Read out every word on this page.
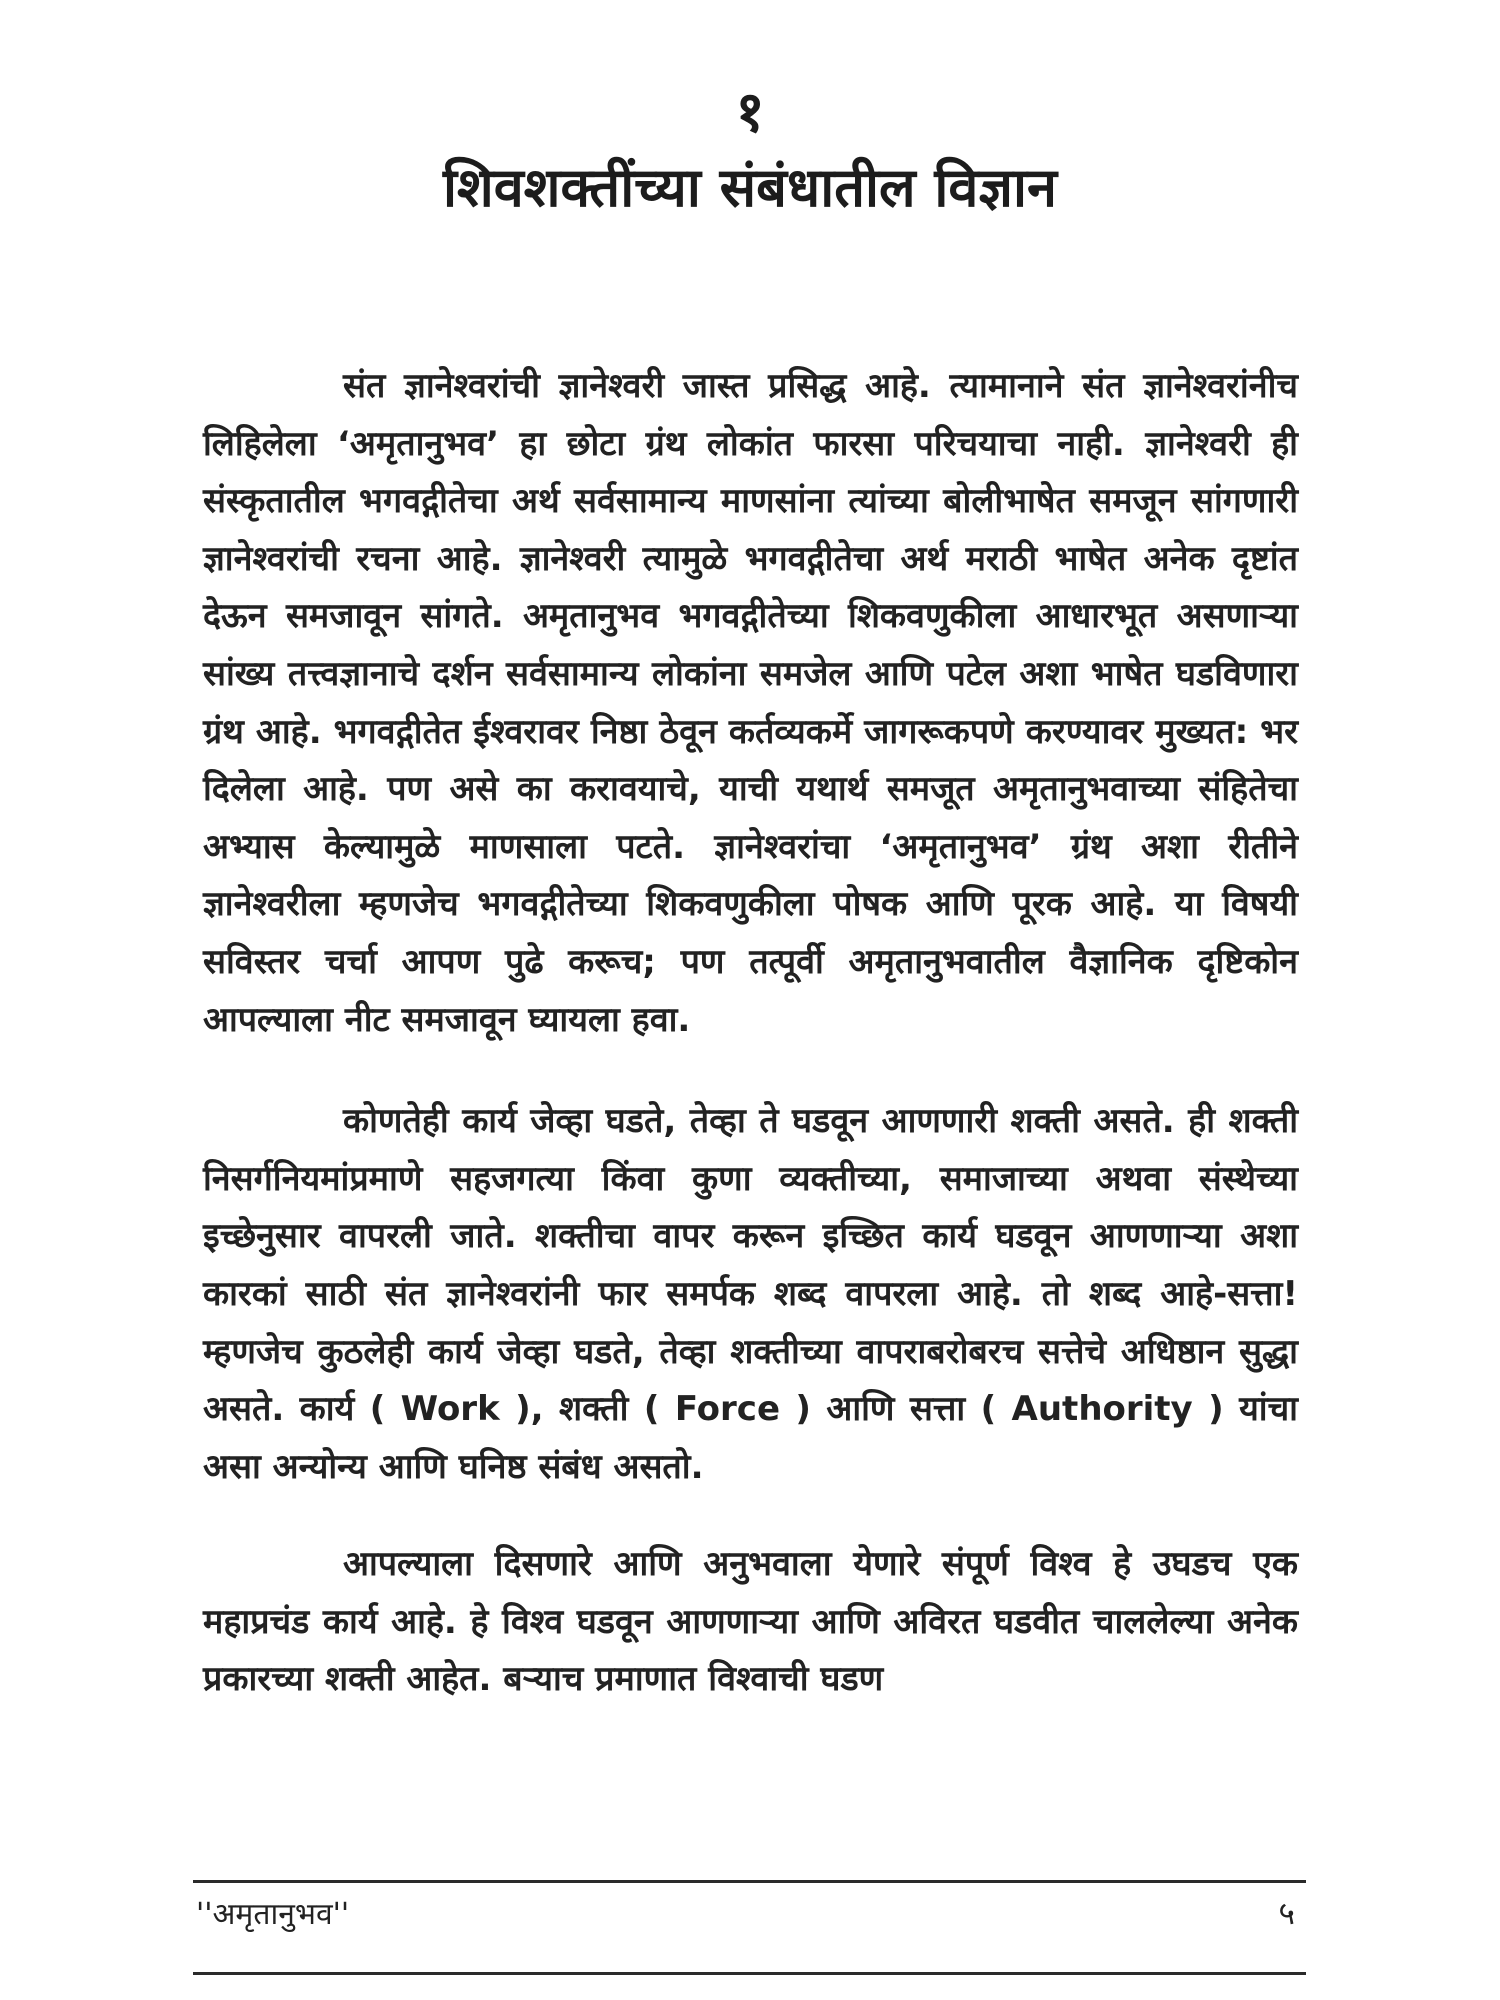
१
शिवशक्तींच्या संबंधातील विज्ञान

संत ज्ञानेश्वरांची ज्ञानेश्वरी जास्त प्रसिद्ध आहे. त्यामानाने संत ज्ञानेश्वरांनीच लिहिलेला ‘अमृतानुभव’ हा छोटा ग्रंथ लोकांत फारसा परिचयाचा नाही. ज्ञानेश्वरी ही संस्कृतातील भगवद्गीतेचा अर्थ सर्वसामान्य माणसांना त्यांच्या बोलीभाषेत समजून सांगणारी ज्ञानेश्वरांची रचना आहे. ज्ञानेश्वरी त्यामुळे भगवद्गीतेचा अर्थ मराठी भाषेत अनेक दृष्टांत देऊन समजावून सांगते. अमृतानुभव भगवद्गीतेच्या शिकवणुकीला आधारभूत असणाऱ्या सांख्य तत्त्वज्ञानाचे दर्शन सर्वसामान्य लोकांना समजेल आणि पटेल अशा भाषेत घडविणारा ग्रंथ आहे. भगवद्गीतेत ईश्वरावर निष्ठा ठेवून कर्तव्यकर्मे जागरूकपणे करण्यावर मुख्यत: भर दिलेला आहे. पण असे का करावयाचे, याची यथार्थ समजूत अमृतानुभवाच्या संहितेचा अभ्यास केल्यामुळे माणसाला पटते. ज्ञानेश्वरांचा ‘अमृतानुभव’ ग्रंथ अशा रीतीने ज्ञानेश्वरीला म्हणजेच भगवद्गीतेच्या शिकवणुकीला पोषक आणि पूरक आहे. या विषयी सविस्तर चर्चा आपण पुढे करूच; पण तत्पूर्वी अमृतानुभवातील वैज्ञानिक दृष्टिकोन आपल्याला नीट समजावून घ्यायला हवा.

कोणतेही कार्य जेव्हा घडते, तेव्हा ते घडवून आणणारी शक्ती असते. ही शक्ती निसर्गनियमांप्रमाणे सहजगत्या किंवा कुणा व्यक्तीच्या, समाजाच्या अथवा संस्थेच्या इच्छेनुसार वापरली जाते. शक्तीचा वापर करून इच्छित कार्य घडवून आणणाऱ्या अशा कारकां साठी संत ज्ञानेश्वरांनी फार समर्पक शब्द वापरला आहे. तो शब्द आहे-सत्ता! म्हणजेच कुठलेही कार्य जेव्हा घडते, तेव्हा शक्तीच्या वापराबरोबरच सत्तेचे अधिष्ठान सुद्धा असते. कार्य ( Work ), शक्ती ( Force ) आणि सत्ता ( Authority ) यांचा असा अन्योन्य आणि घनिष्ठ संबंध असतो.

आपल्याला दिसणारे आणि अनुभवाला येणारे संपूर्ण विश्व हे उघडच एक महाप्रचंड कार्य आहे. हे विश्व घडवून आणणाऱ्या आणि अविरत घडवीत चाललेल्या अनेक प्रकारच्या शक्ती आहेत. बऱ्याच प्रमाणात विश्वाची घडण

''अमृतानुभव''	५
